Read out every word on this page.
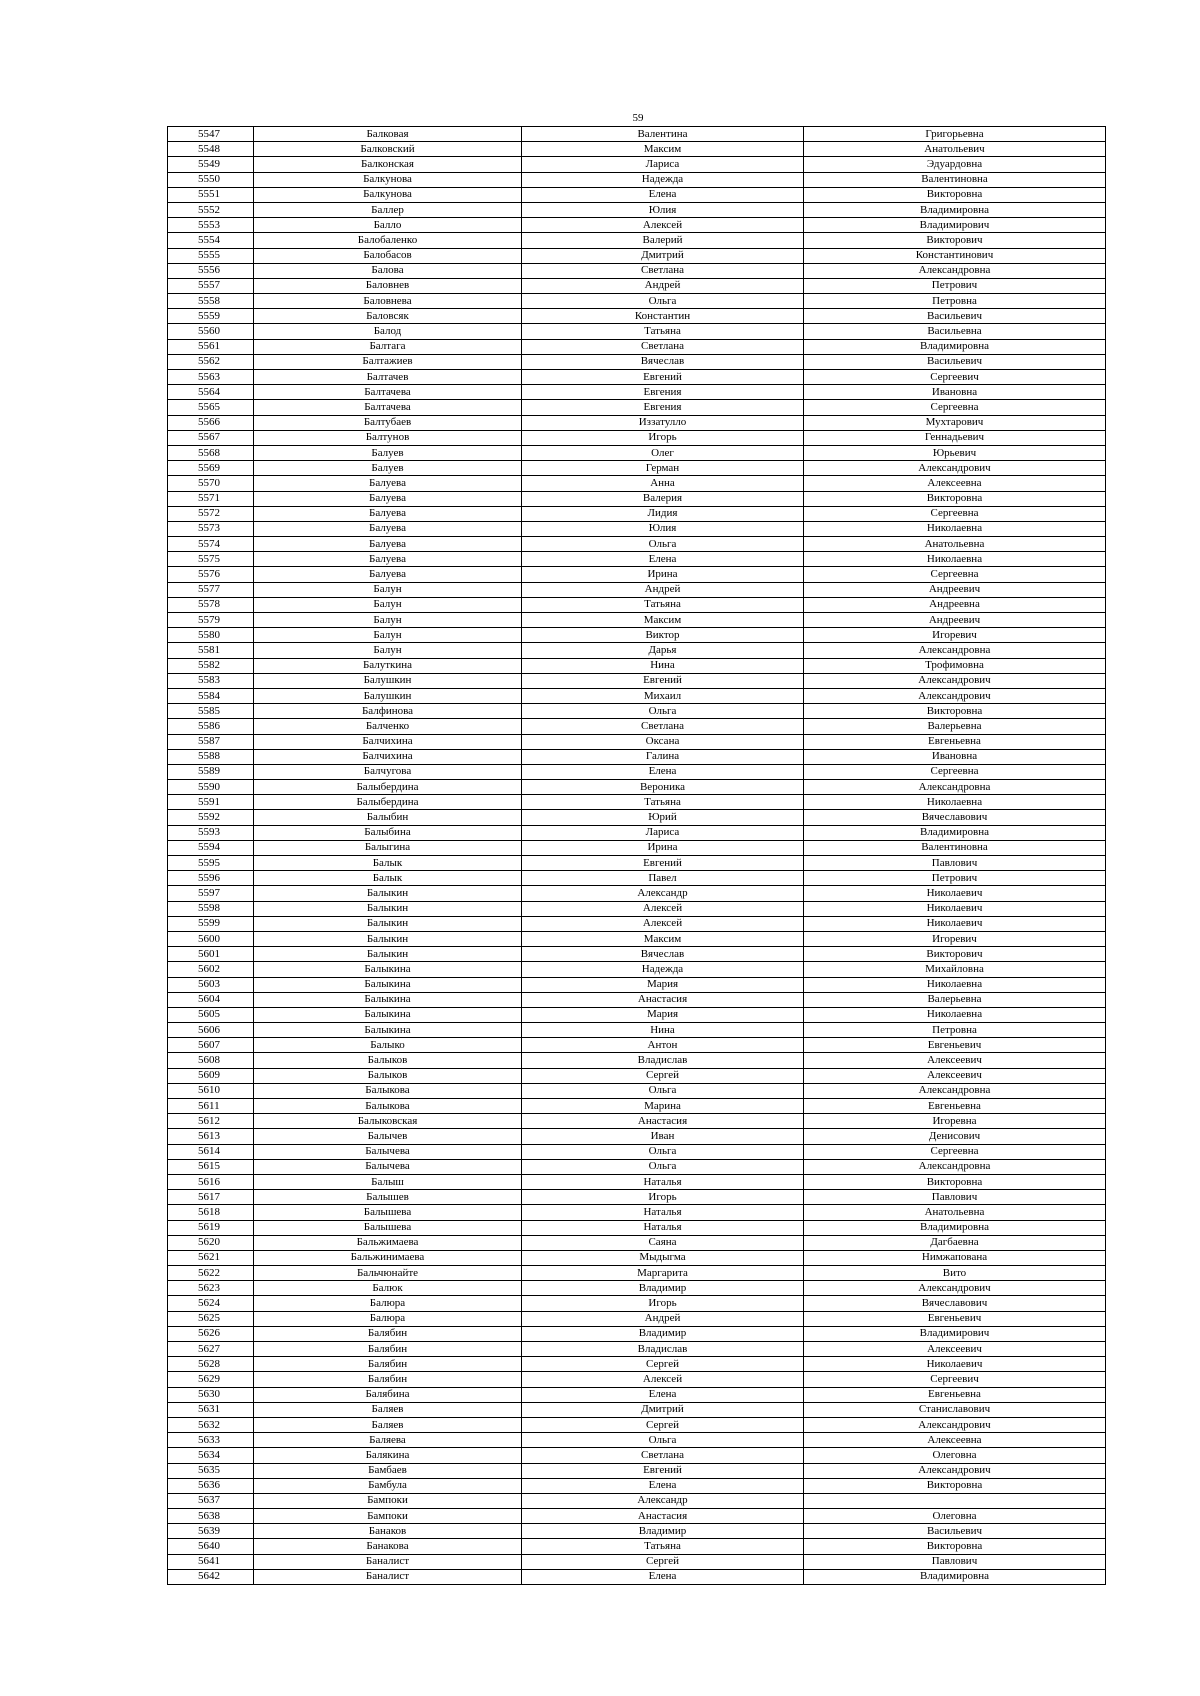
59
5547	Балковая	Валентина	Григорьевна
5548	Балковский	Максим	Анатольевич
5549	Балконская	Лариса	Эдуардовна
5550	Балкунова	Надежда	Валентиновна
5551	Балкунова	Елена	Викторовна
5552	Баллер	Юлия	Владимировна
5553	Балло	Алексей	Владимирович
5554	Балобаленко	Валерий	Викторович
5555	Балобасов	Дмитрий	Константинович
5556	Балова	Светлана	Александровна
5557	Баловнев	Андрей	Петрович
5558	Баловнева	Ольга	Петровна
5559	Баловсяк	Константин	Васильевич
5560	Балод	Татьяна	Васильевна
5561	Балтага	Светлана	Владимировна
5562	Балтажиев	Вячеслав	Васильевич
5563	Балтачев	Евгений	Сергеевич
5564	Балтачева	Евгения	Ивановна
5565	Балтачева	Евгения	Сергеевна
5566	Балтубаев	Иззатулло	Мухтарович
5567	Балтунов	Игорь	Геннадьевич
5568	Балуев	Олег	Юрьевич
5569	Балуев	Герман	Александрович
5570	Балуева	Анна	Алексеевна
5571	Балуева	Валерия	Викторовна
5572	Балуева	Лидия	Сергеевна
5573	Балуева	Юлия	Николаевна
5574	Балуева	Ольга	Анатольевна
5575	Балуева	Елена	Николаевна
5576	Балуева	Ирина	Сергеевна
5577	Балун	Андрей	Андреевич
5578	Балун	Татьяна	Андреевна
5579	Балун	Максим	Андреевич
5580	Балун	Виктор	Игоревич
5581	Балун	Дарья	Александровна
5582	Балуткина	Нина	Трофимовна
5583	Балушкин	Евгений	Александрович
5584	Балушкин	Михаил	Александрович
5585	Балфинова	Ольга	Викторовна
5586	Балченко	Светлана	Валерьевна
5587	Балчихина	Оксана	Евгеньевна
5588	Балчихина	Галина	Ивановна
5589	Балчугова	Елена	Сергеевна
5590	Балыбердина	Вероника	Александровна
5591	Балыбердина	Татьяна	Николаевна
5592	Балыбин	Юрий	Вячеславович
5593	Балыбина	Лариса	Владимировна
5594	Балыгина	Ирина	Валентиновна
5595	Балык	Евгений	Павлович
5596	Балык	Павел	Петрович
5597	Балыкин	Александр	Николаевич
5598	Балыкин	Алексей	Николаевич
5599	Балыкин	Алексей	Николаевич
5600	Балыкин	Максим	Игоревич
5601	Балыкин	Вячеслав	Викторович
5602	Балыкина	Надежда	Михайловна
5603	Балыкина	Мария	Николаевна
5604	Балыкина	Анастасия	Валерьевна
5605	Балыкина	Мария	Николаевна
5606	Балыкина	Нина	Петровна
5607	Балыко	Антон	Евгеньевич
5608	Балыков	Владислав	Алексеевич
5609	Балыков	Сергей	Алексеевич
5610	Балыкова	Ольга	Александровна
5611	Балыкова	Марина	Евгеньевна
5612	Балыковская	Анастасия	Игоревна
5613	Балычев	Иван	Денисович
5614	Балычева	Ольга	Сергеевна
5615	Балычева	Ольга	Александровна
5616	Балыш	Наталья	Викторовна
5617	Балышев	Игорь	Павлович
5618	Балышева	Наталья	Анатольевна
5619	Балышева	Наталья	Владимировна
5620	Бальжимаева	Саяна	Дагбаевна
5621	Бальжинимаева	Мыдыгма	Нимжапована
5622	Бальчюнайте	Маргарита	Вито
5623	Балюк	Владимир	Александрович
5624	Балюра	Игорь	Вячеславович
5625	Балюра	Андрей	Евгеньевич
5626	Балябин	Владимир	Владимирович
5627	Балябин	Владислав	Алексеевич
5628	Балябин	Сергей	Николаевич
5629	Балябин	Алексей	Сергеевич
5630	Балябина	Елена	Евгеньевна
5631	Баляев	Дмитрий	Станиславович
5632	Баляев	Сергей	Александрович
5633	Баляева	Ольга	Алексеевна
5634	Балякина	Светлана	Олеговна
5635	Бамбаев	Евгений	Александрович
5636	Бамбула	Елена	Викторовна
5637	Бампоки	Александр	
5638	Бампоки	Анастасия	Олеговна
5639	Банаков	Владимир	Васильевич
5640	Банакова	Татьяна	Викторовна
5641	Баналист	Сергей	Павлович
5642	Баналист	Елена	Владимировна
